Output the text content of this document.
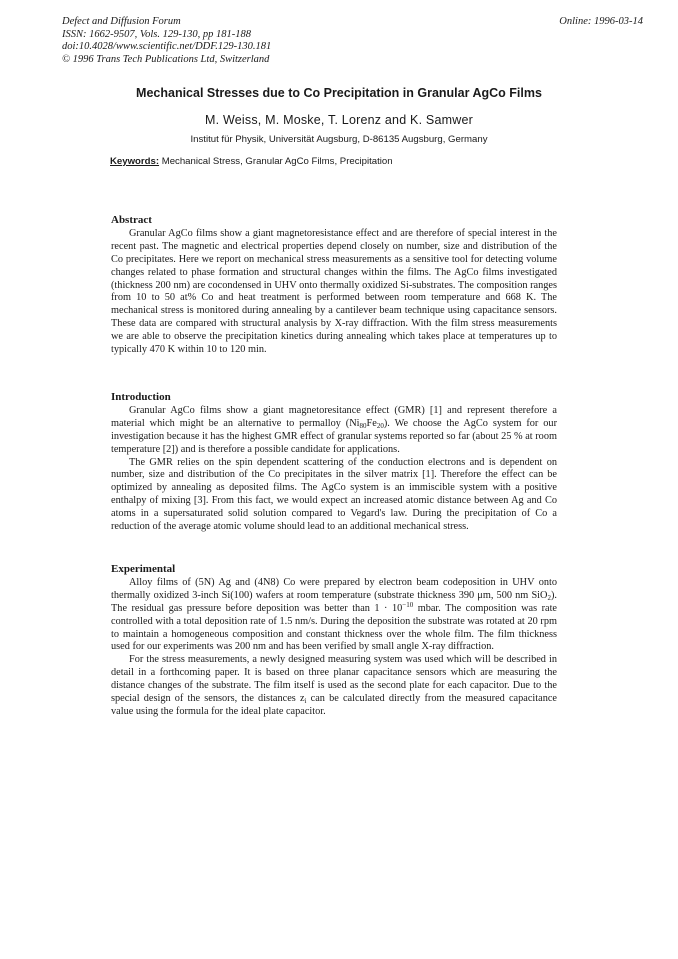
Defect and Diffusion Forum
ISSN: 1662-9507, Vols. 129-130, pp 181-188
doi:10.4028/www.scientific.net/DDF.129-130.181
© 1996 Trans Tech Publications Ltd, Switzerland
Online: 1996-03-14
Mechanical Stresses due to Co Precipitation in Granular AgCo Films
M. Weiss, M. Moske, T. Lorenz and K. Samwer
Institut für Physik, Universität Augsburg, D-86135 Augsburg, Germany
Keywords: Mechanical Stress, Granular AgCo Films, Precipitation
Abstract

Granular AgCo films show a giant magnetoresistance effect and are therefore of special interest in the recent past. The magnetic and electrical properties depend closely on number, size and distribution of the Co precipitates. Here we report on mechanical stress measurements as a sensitive tool for detecting volume changes related to phase formation and structural changes within the films. The AgCo films investigated (thickness 200 nm) are cocondensed in UHV onto thermally oxidized Si-substrates. The composition ranges from 10 to 50 at% Co and heat treatment is performed between room temperature and 668 K. The mechanical stress is monitored during annealing by a cantilever beam technique using capacitance sensors. These data are compared with structural analysis by X-ray diffraction. With the film stress measurements we are able to observe the precipitation kinetics during annealing which takes place at temperatures up to typically 470 K within 10 to 120 min.

Introduction

Granular AgCo films show a giant magnetoresitance effect (GMR) [1] and represent therefore a material which might be an alternative to permalloy $(Ni_{80}Fe_{20})$. We choose the AgCo system for our investigation because it has the highest GMR effect of granular systems reported so far (about 25 % at room temperature [2]) and is therefore a possible candidate for applications.

The GMR relies on the spin dependent scattering of the conduction electrons and is dependent on number, size and distribution of the Co precipitates in the silver matrix [1]. Therefore the effect can be optimized by annealing as deposited films. The AgCo system is an immiscible system with a positive enthalpy of mixing [3]. From this fact, we would expect an increased atomic distance between Ag and Co atoms in a supersaturated solid solution compared to Vegard's law. During the precipitation of Co a reduction of the average atomic volume should lead to an additional mechanical stress.

Experimental

Alloy films of (5N) Ag and (4N8) Co were prepared by electron beam codeposition in UHV onto thermally oxidized 3-inch Si(100) wafers at room temperature (substrate thickness 390 μm, 500 nm SiO$_2$). The residual gas pressure before deposition was better than $1 \cdot 10^{-10}$ mbar. The composition was rate controlled with a total deposition rate of 1.5 nm/s. During the deposition the substrate was rotated at 20 rpm to maintain a homogeneous composition and constant thickness over the whole film. The film thickness used for our experiments was 200 nm and has been verified by small angle X-ray diffraction.

For the stress measurements, a newly designed measuring system was used which will be described in detail in a forthcoming paper. It is based on three planar capacitance sensors which are measuring the distance changes of the substrate. The film itself is used as the second plate for each capacitor. Due to the special design of the sensors, the distances $z_i$ can be calculated directly from the measured capacitance value using the formula for the ideal plate capacitor.
